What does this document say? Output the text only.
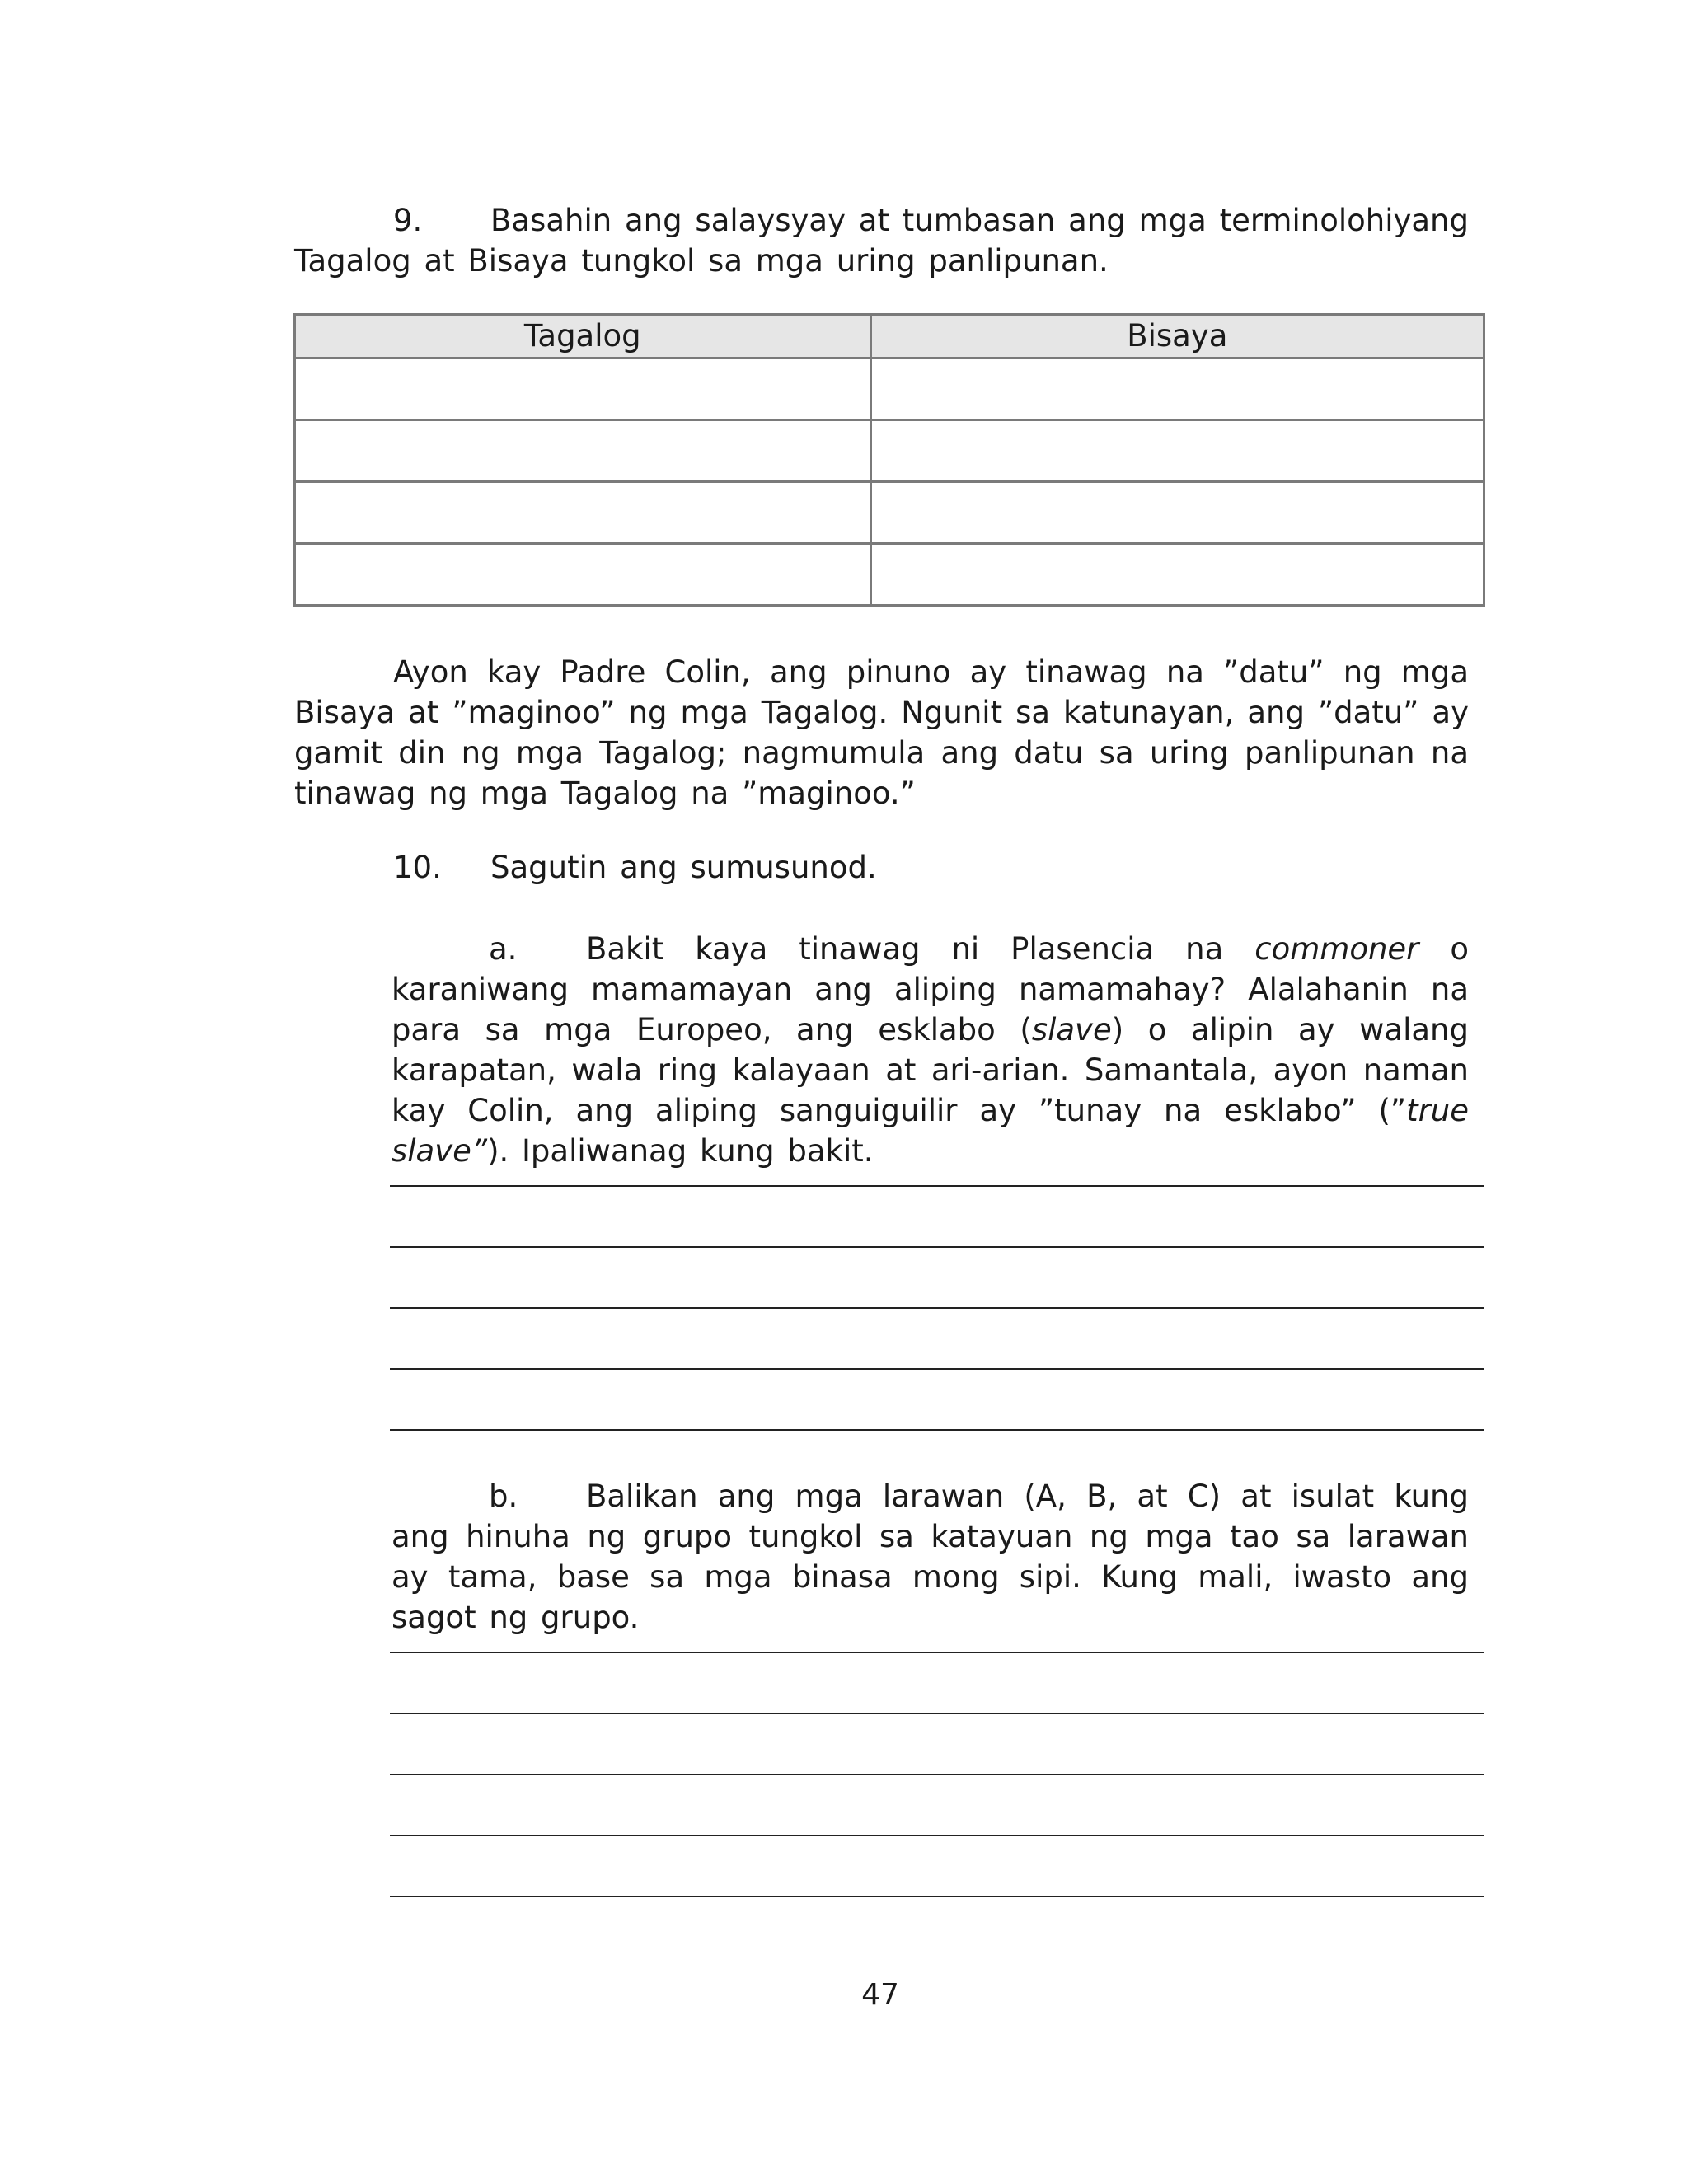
9. Basahin ang salaysyay at tumbasan ang mga terminolohiyang Tagalog at Bisaya tungkol sa mga uring panlipunan.

Tagalog	Bisaya

Ayon kay Padre Colin, ang pinuno ay tinawag na ”datu” ng mga Bisaya at ”maginoo” ng mga Tagalog. Ngunit sa katunayan, ang ”datu” ay gamit din ng mga Tagalog; nagmumula ang datu sa uring panlipunan na tinawag ng mga Tagalog na ”maginoo.”

10. Sagutin ang sumusunod.

a. Bakit kaya tinawag ni Plasencia na commoner o karaniwang mamamayan ang aliping namamahay? Alalahanin na para sa mga Europeo, ang esklabo (slave) o alipin ay walang karapatan, wala ring kalayaan at ari-arian. Samantala, ayon naman kay Colin, ang aliping sanguiguilir ay ”tunay na esklabo” (”true slave”). Ipaliwanag kung bakit.

b. Balikan ang mga larawan (A, B, at C) at isulat kung ang hinuha ng grupo tungkol sa katayuan ng mga tao sa larawan ay tama, base sa mga binasa mong sipi. Kung mali, iwasto ang sagot ng grupo.

47
